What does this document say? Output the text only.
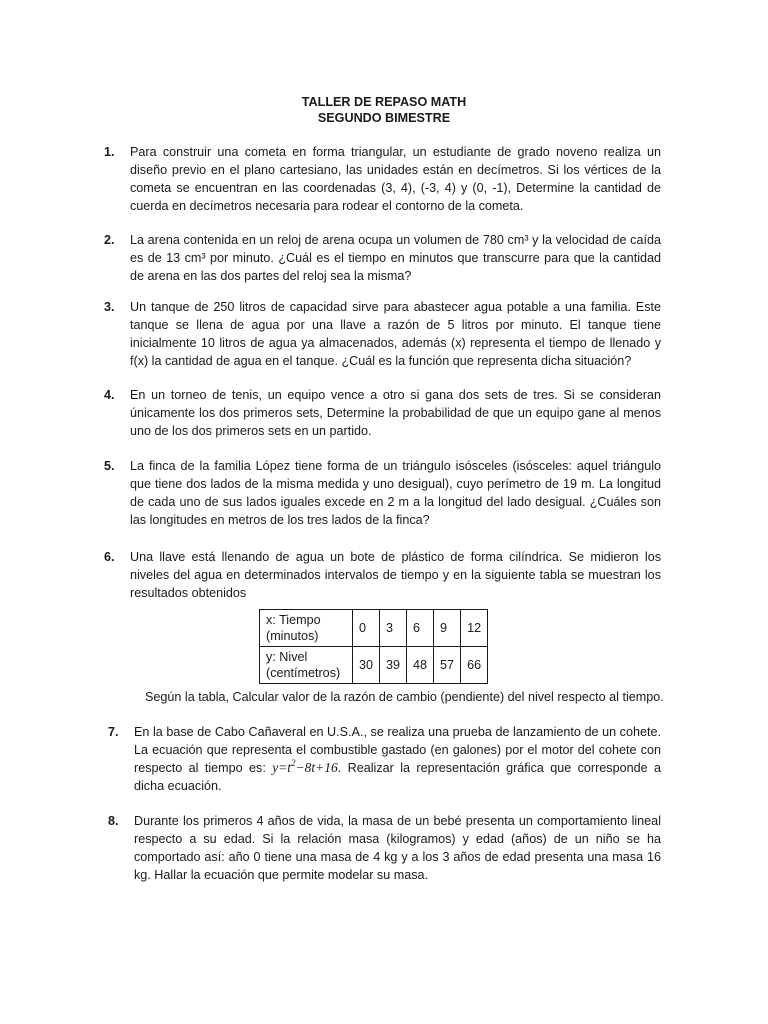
TALLER DE REPASO MATH
SEGUNDO BIMESTRE
1. Para construir una cometa en forma triangular, un estudiante de grado noveno realiza un diseño previo en el plano cartesiano, las unidades están en decímetros. Si los vértices de la cometa se encuentran en las coordenadas (3, 4), (-3, 4) y (0, -1), Determine la cantidad de cuerda en decímetros necesaria para rodear el contorno de la cometa.
2. La arena contenida en un reloj de arena ocupa un volumen de 780 cm³ y la velocidad de caída es de 13 cm³ por minuto. ¿Cuál es el tiempo en minutos que transcurre para que la cantidad de arena en las dos partes del reloj sea la misma?
3. Un tanque de 250 litros de capacidad sirve para abastecer agua potable a una familia. Este tanque se llena de agua por una llave a razón de 5 litros por minuto. El tanque tiene inicialmente 10 litros de agua ya almacenados, además (x) representa el tiempo de llenado y f(x) la cantidad de agua en el tanque. ¿Cuál es la función que representa dicha situación?
4. En un torneo de tenis, un equipo vence a otro si gana dos sets de tres. Si se consideran únicamente los dos primeros sets, Determine la probabilidad de que un equipo gane al menos uno de los dos primeros sets en un partido.
5. La finca de la familia López tiene forma de un triángulo isósceles (isósceles: aquel triángulo que tiene dos lados de la misma medida y uno desigual), cuyo perímetro de 19 m. La longitud de cada uno de sus lados iguales excede en 2 m a la longitud del lado desigual. ¿Cuáles son las longitudes en metros de los tres lados de la finca?
6. Una llave está llenando de agua un bote de plástico de forma cilíndrica. Se midieron los niveles del agua en determinados intervalos de tiempo y en la siguiente tabla se muestran los resultados obtenidos
x: Tiempo (minutos)	0	3	6	9	12
y: Nivel (centímetros)	30	39	48	57	66
Según la tabla, Calcular valor de la razón de cambio (pendiente) del nivel respecto al tiempo.
7. En la base de Cabo Cañaveral en U.S.A., se realiza una prueba de lanzamiento de un cohete. La ecuación que representa el combustible gastado (en galones) por el motor del cohete con respecto al tiempo es: $y=t^2-8t+16$. Realizar la representación gráfica que corresponde a dicha ecuación.
8. Durante los primeros 4 años de vida, la masa de un bebé presenta un comportamiento lineal respecto a su edad. Si la relación masa (kilogramos) y edad (años) de un niño se ha comportado así: año 0 tiene una masa de 4 kg y a los 3 años de edad presenta una masa 16 kg. Hallar la ecuación que permite modelar su masa.
